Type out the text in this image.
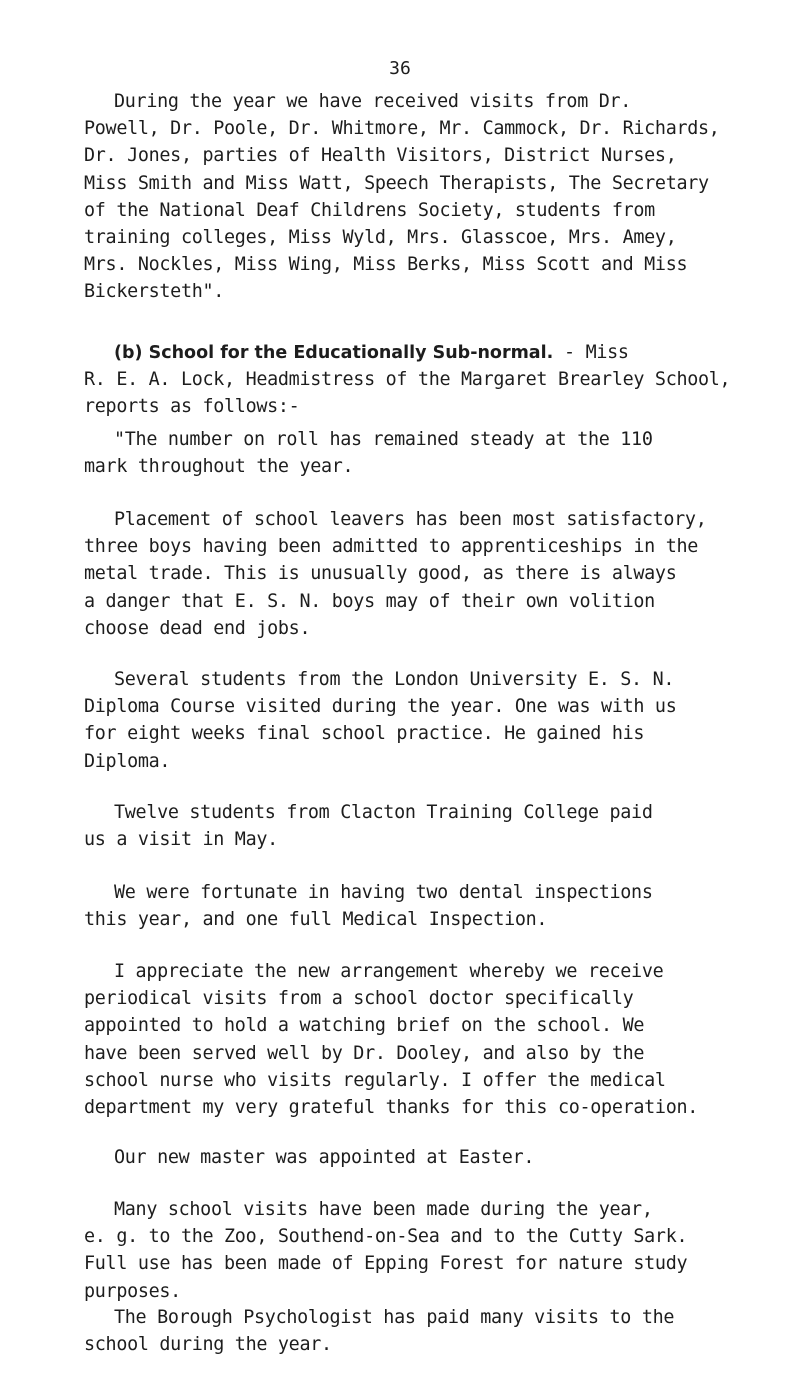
36
During the year we have received visits from Dr.
Powell, Dr. Poole, Dr. Whitmore, Mr. Cammock, Dr. Richards,
Dr. Jones, parties of Health Visitors, District Nurses,
Miss Smith and Miss Watt, Speech Therapists, The Secretary
of the National Deaf Childrens Society, students from
training colleges, Miss Wyld, Mrs. Glasscoe, Mrs. Amey,
Mrs. Nockles, Miss Wing, Miss Berks, Miss Scott and Miss
Bickersteth".
(b) School for the Educationally Sub-normal. - Miss
R. E. A. Lock, Headmistress of the Margaret Brearley School,
reports as follows:-
"The number on roll has remained steady at the 110
mark throughout the year.
Placement of school leavers has been most satisfactory,
three boys having been admitted to apprenticeships in the
metal trade. This is unusually good, as there is always
a danger that E. S. N. boys may of their own volition
choose dead end jobs.
Several students from the London University E. S. N.
Diploma Course visited during the year. One was with us
for eight weeks final school practice. He gained his
Diploma.
Twelve students from Clacton Training College paid
us a visit in May.
We were fortunate in having two dental inspections
this year, and one full Medical Inspection.
I appreciate the new arrangement whereby we receive
periodical visits from a school doctor specifically
appointed to hold a watching brief on the school. We
have been served well by Dr. Dooley, and also by the
school nurse who visits regularly. I offer the medical
department my very grateful thanks for this co-operation.
Our new master was appointed at Easter.
Many school visits have been made during the year,
e. g. to the Zoo, Southend-on-Sea and to the Cutty Sark.
Full use has been made of Epping Forest for nature study
purposes.
The Borough Psychologist has paid many visits to the
school during the year.
